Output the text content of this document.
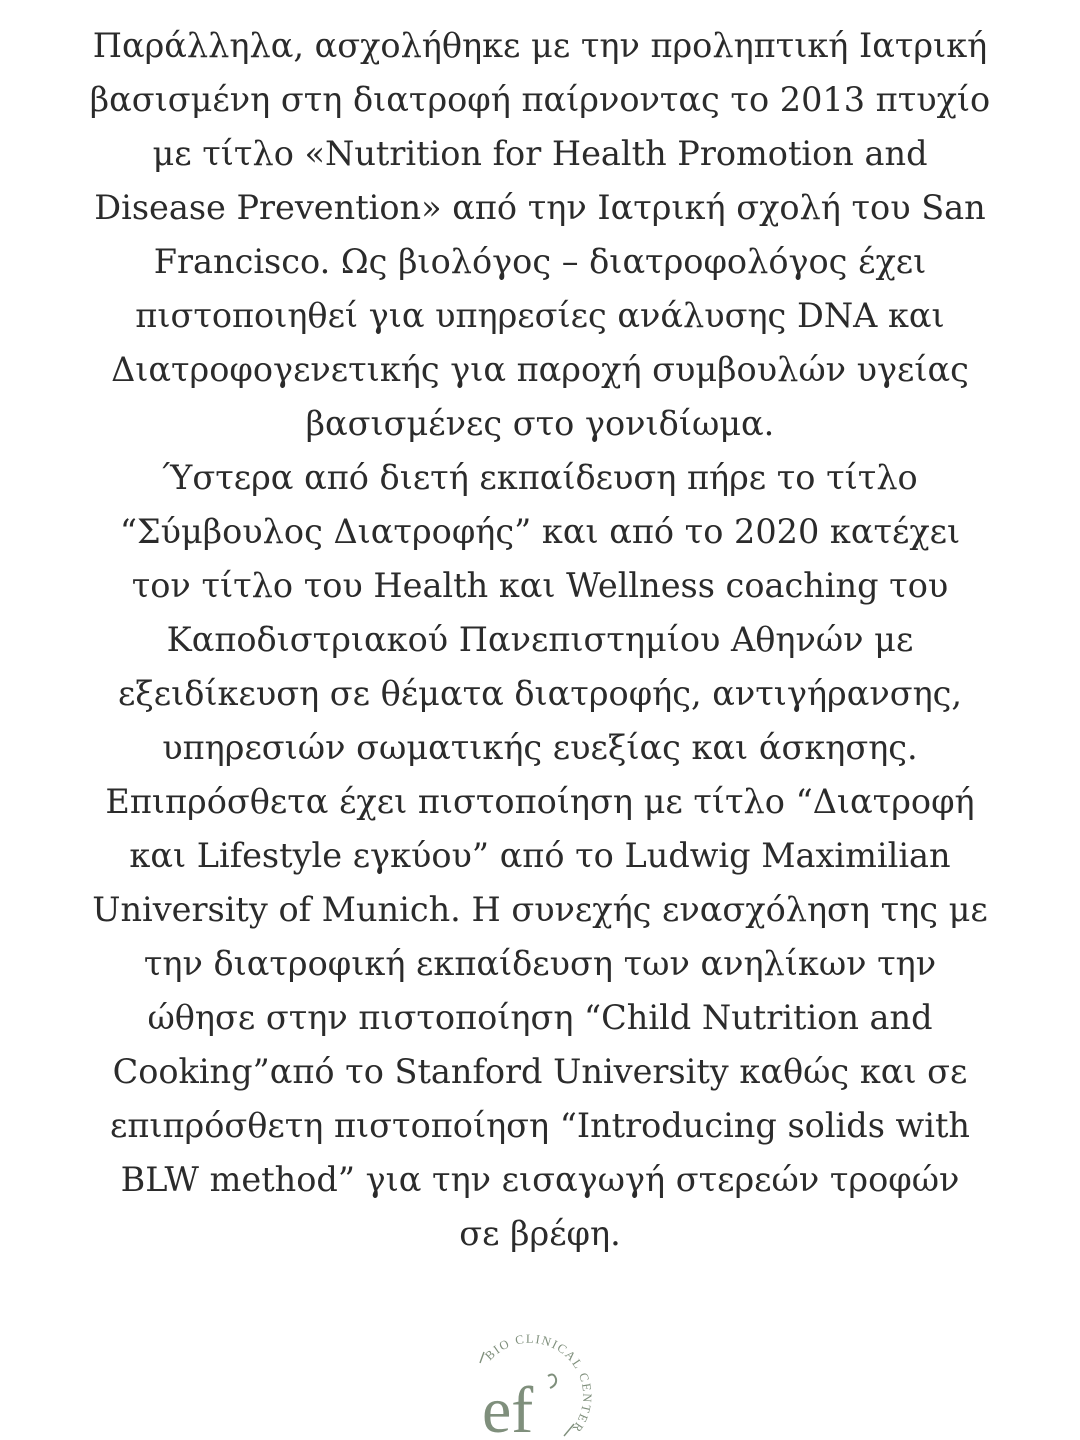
Παράλληλα, ασχολήθηκε με την προληπτική Ιατρική
βασισμένη στη διατροφή παίρνοντας το 2013 πτυχίο
με τίτλο «Nutrition for Health Promotion and
Disease Prevention» από την Ιατρική σχολή του San
Francisco. Ως βιολόγος – διατροφολόγος έχει
πιστοποιηθεί για υπηρεσίες ανάλυσης DNA και
Διατροφογενετικής για παροχή συμβουλών υγείας
βασισμένες στο γονιδίωμα.
Ύστερα από διετή εκπαίδευση πήρε το τίτλο
“Σύμβουλος Διατροφής” και από το 2020 κατέχει
τον τίτλο του Health και Wellness coaching του
Καποδιστριακού Πανεπιστημίου Αθηνών με
εξειδίκευση σε θέματα διατροφής, αντιγήρανσης,
υπηρεσιών σωματικής ευεξίας και άσκησης.
Επιπρόσθετα έχει πιστοποίηση με τίτλο “Διατροφή
και Lifestyle εγκύου” από το Ludwig Maximilian
University of Munich. Η συνεχής ενασχόληση της με
την διατροφική εκπαίδευση των ανηλίκων την
ώθησε στην πιστοποίηση “Child Nutrition and
Cooking”από το Stanford University καθώς και σε
επιπρόσθετη πιστοποίηση “Introducing solids with
BLW method” για την εισαγωγή στερεών τροφών
σε βρέφη.

BIO CLINICAL CENTER
ef
